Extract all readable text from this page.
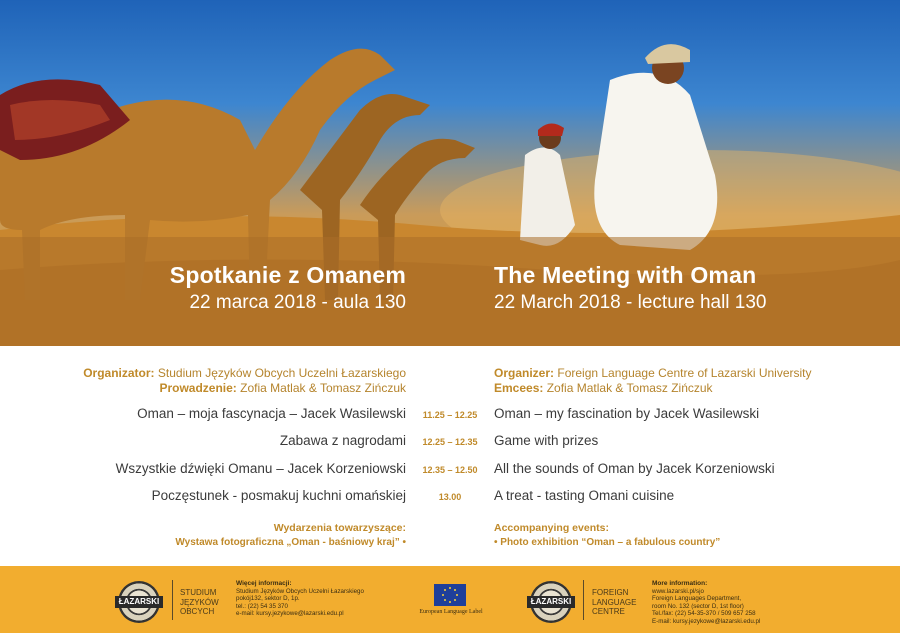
Spotkanie z Omanem
22 marca 2018 - aula 130
The Meeting with Oman
22 March 2018 - lecture hall 130
Organizator: Studium Języków Obcych Uczelni Łazarskiego
Prowadzenie: Zofia Matlak & Tomasz Zińczuk
Organizer: Foreign Language Centre of Lazarski University
Emcees: Zofia Matlak & Tomasz Zińczuk
Oman – moja fascynacja – Jacek Wasilewski	11.25 – 12.25	Oman – my fascination by Jacek Wasilewski
Zabawa z nagrodami	12.25 – 12.35	Game with prizes
Wszystkie dźwięki Omanu – Jacek Korzeniowski	12.35 – 12.50	All the sounds of Oman by Jacek Korzeniowski
Poczęstunek - posmakuj kuchni omańskiej	13.00	A treat - tasting Omani cuisine
Wydarzenia towarzyszące:
Wystawa fotograficzna „Oman - baśniowy kraj” •
Accompanying events:
• Photo exhibition “Oman – a fabulous country”
ŁAZARSKI
STUDIUM
JĘZYKÓW
OBCYCH
Więcej informacji:
Studium Języków Obcych Uczelni Łazarskiego
pokój132, sektor D, 1p.
tel.: (22) 54 35 370
e-mail: kursy.jezykowe@lazarski.edu.pl
ŁAZARSKI
FOREIGN
LANGUAGE
CENTRE
More information:
www.lazarski.pl/sjo
Foreign Languages Department,
room No. 132 (sector D, 1st floor)
Tel./fax: (22) 54-35-370 / 509 657 258
E-mail: kursy.jezykowe@lazarski.edu.pl
European Language Label
